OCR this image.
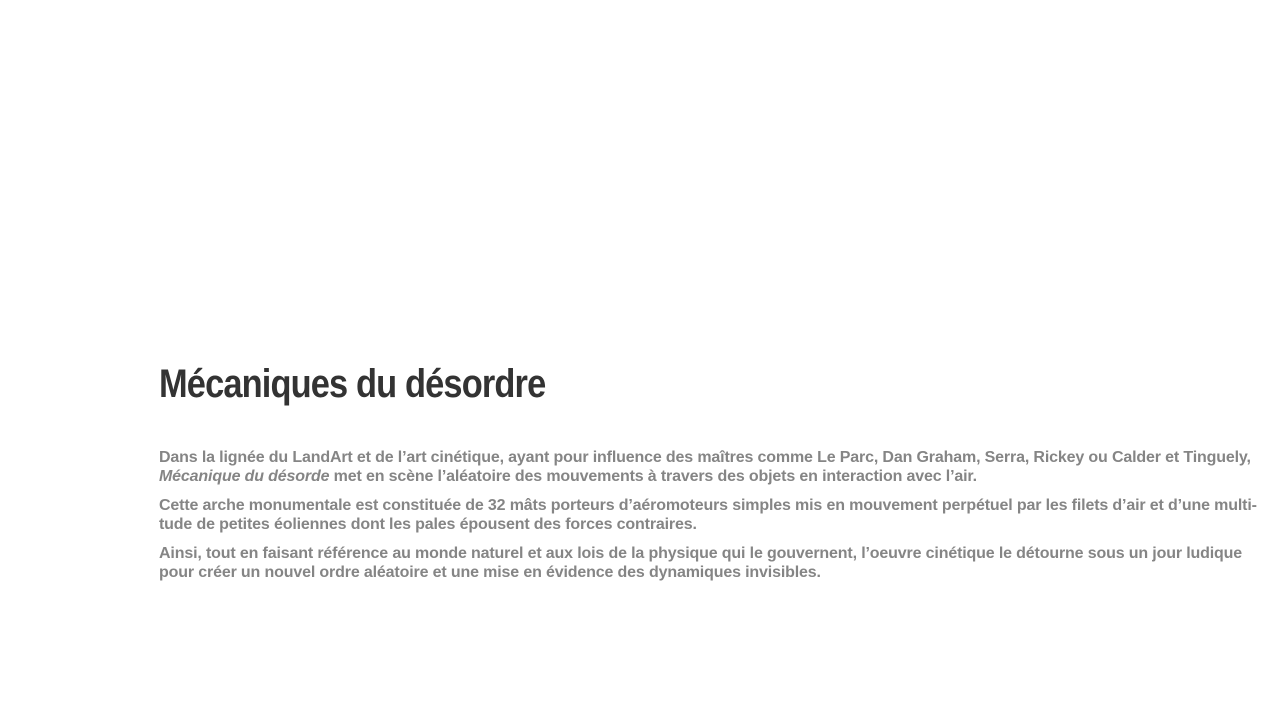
Mécaniques du désordre

Dans la lignée du LandArt et de l’art cinétique, ayant pour influence des maîtres comme Le Parc, Dan Graham, Serra, Rickey ou Calder et Tinguely,
Mécanique du désorde met en scène l’aléatoire des mouvements à travers des objets en interaction avec l’air.

Cette arche monumentale est constituée de 32 mâts porteurs d’aéromoteurs simples mis en mouvement perpétuel par les filets d’air et d’une multi-tude de petites éoliennes dont les pales épousent des forces contraires.

Ainsi, tout en faisant référence au monde naturel et aux lois de la physique qui le gouvernent, l’oeuvre cinétique le détourne sous un jour ludique pour créer un nouvel ordre aléatoire et une mise en évidence des dynamiques invisibles.
